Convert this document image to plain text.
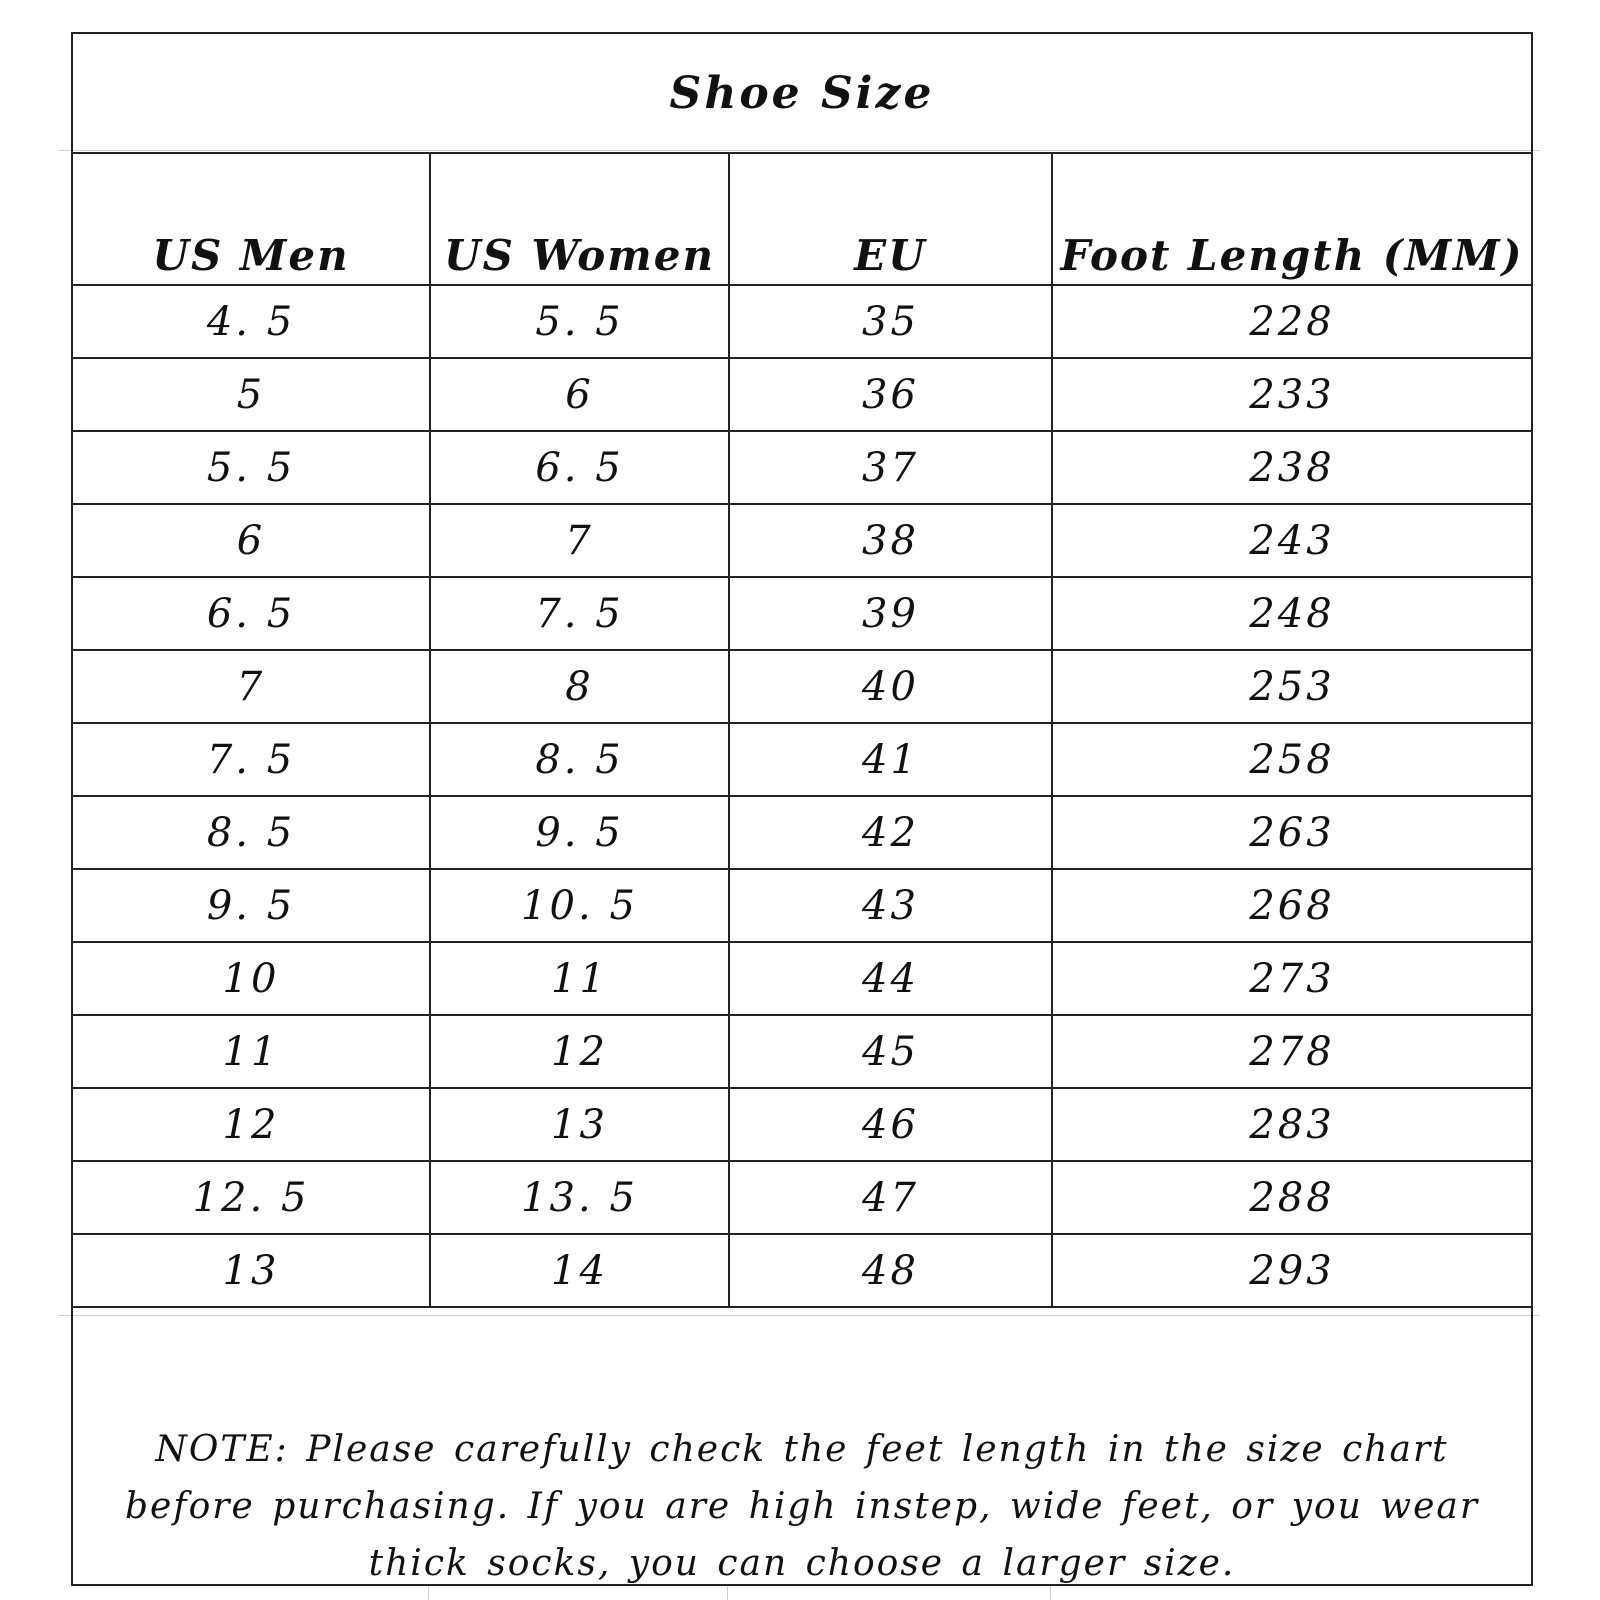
Shoe Size
US Men	US Women	EU	Foot Length (MM)
4. 5	5. 5	35	228
5	6	36	233
5. 5	6. 5	37	238
6	7	38	243
6. 5	7. 5	39	248
7	8	40	253
7. 5	8. 5	41	258
8. 5	9. 5	42	263
9. 5	10. 5	43	268
10	11	44	273
11	12	45	278
12	13	46	283
12. 5	13. 5	47	288
13	14	48	293
NOTE: Please carefully check the feet length in the size chart before purchasing. If you are high instep, wide feet, or you wear thick socks, you can choose a larger size.
